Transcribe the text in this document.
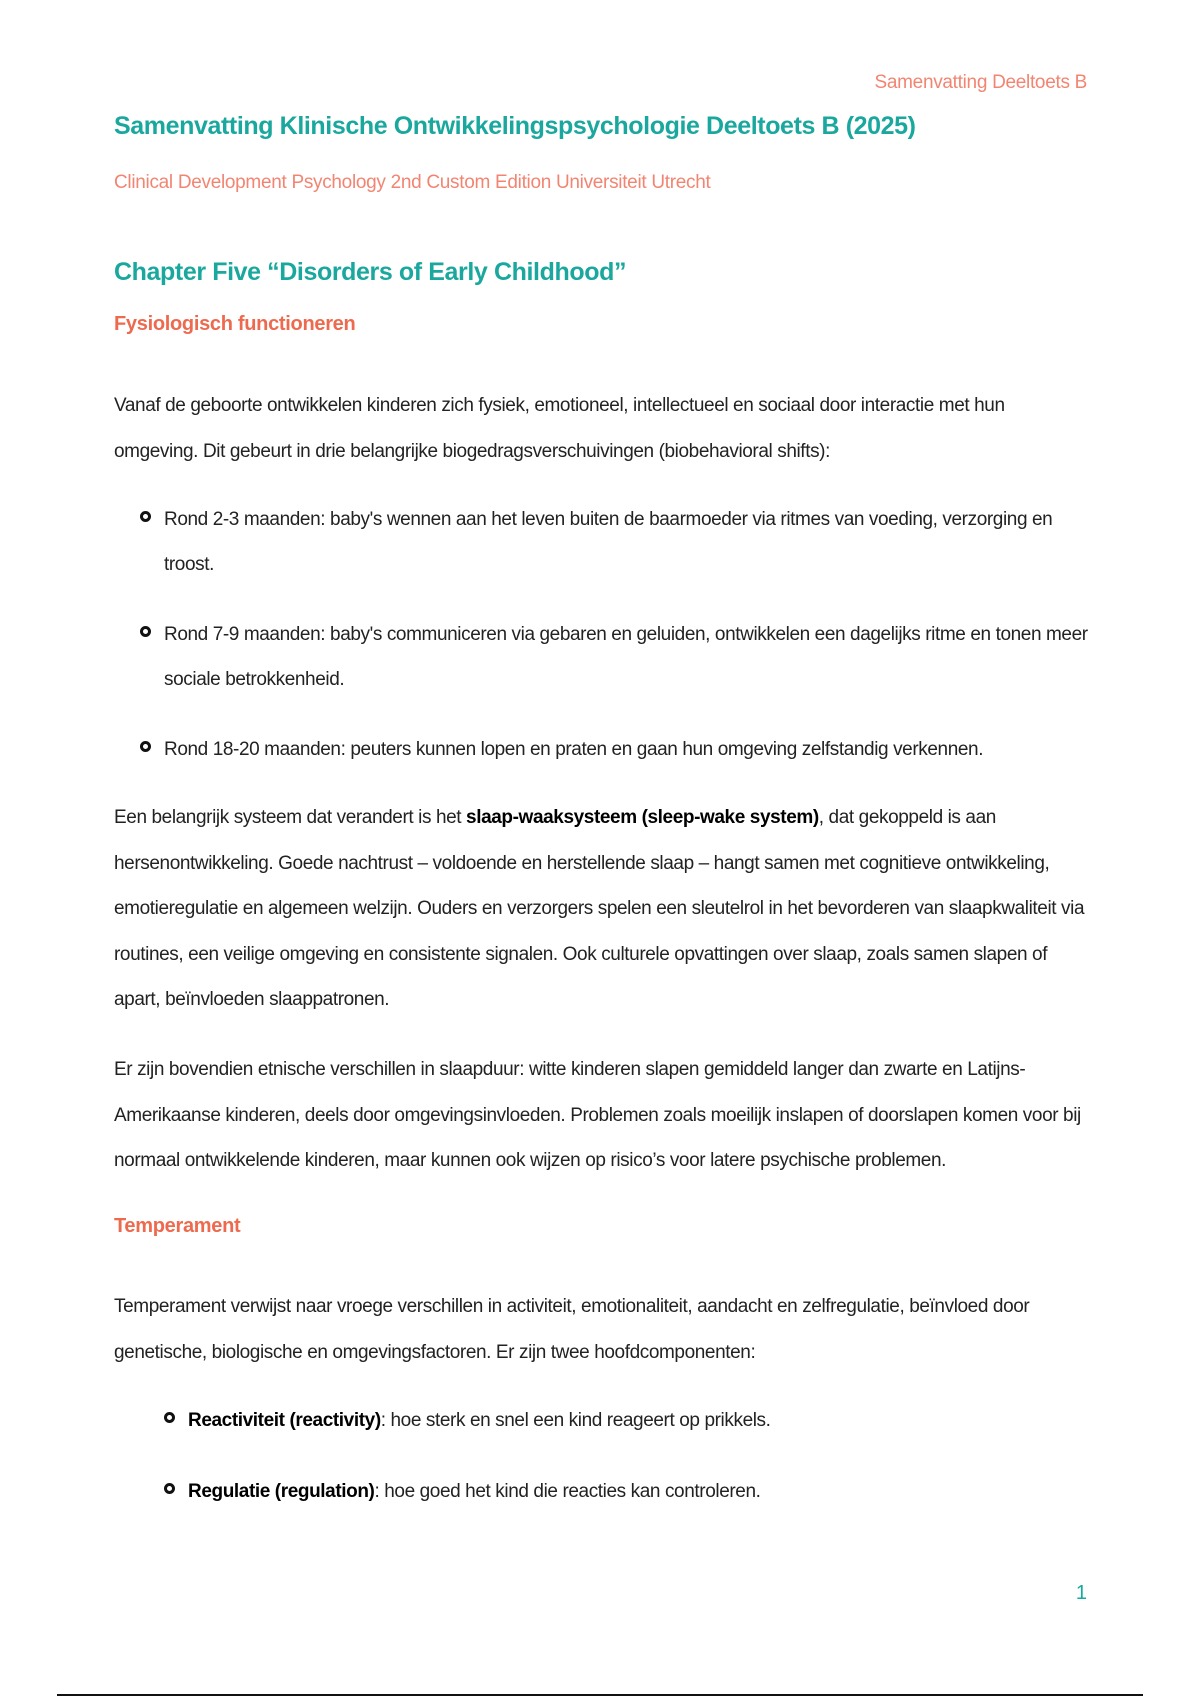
Samenvatting Deeltoets B
Samenvatting Klinische Ontwikkelingspsychologie Deeltoets B (2025)
Clinical Development Psychology 2nd Custom Edition Universiteit Utrecht
Chapter Five “Disorders of Early Childhood”
Fysiologisch functioneren

Vanaf de geboorte ontwikkelen kinderen zich fysiek, emotioneel, intellectueel en sociaal door interactie met hun omgeving. Dit gebeurt in drie belangrijke biogedragsverschuivingen (biobehavioral shifts):

Rond 2-3 maanden: baby's wennen aan het leven buiten de baarmoeder via ritmes van voeding, verzorging en troost.
Rond 7-9 maanden: baby's communiceren via gebaren en geluiden, ontwikkelen een dagelijks ritme en tonen meer sociale betrokkenheid.
Rond 18-20 maanden: peuters kunnen lopen en praten en gaan hun omgeving zelfstandig verkennen.

Een belangrijk systeem dat verandert is het slaap-waaksysteem (sleep-wake system), dat gekoppeld is aan hersenontwikkeling. Goede nachtrust – voldoende en herstellende slaap – hangt samen met cognitieve ontwikkeling, emotieregulatie en algemeen welzijn. Ouders en verzorgers spelen een sleutelrol in het bevorderen van slaapkwaliteit via routines, een veilige omgeving en consistente signalen. Ook culturele opvattingen over slaap, zoals samen slapen of apart, beïnvloeden slaappatronen.

Er zijn bovendien etnische verschillen in slaapduur: witte kinderen slapen gemiddeld langer dan zwarte en Latijns-Amerikaanse kinderen, deels door omgevingsinvloeden. Problemen zoals moeilijk inslapen of doorslapen komen voor bij normaal ontwikkelende kinderen, maar kunnen ook wijzen op risico’s voor latere psychische problemen.

Temperament

Temperament verwijst naar vroege verschillen in activiteit, emotionaliteit, aandacht en zelfregulatie, beïnvloed door genetische, biologische en omgevingsfactoren. Er zijn twee hoofdcomponenten:

Reactiviteit (reactivity): hoe sterk en snel een kind reageert op prikkels.
Regulatie (regulation): hoe goed het kind die reacties kan controleren.
1
